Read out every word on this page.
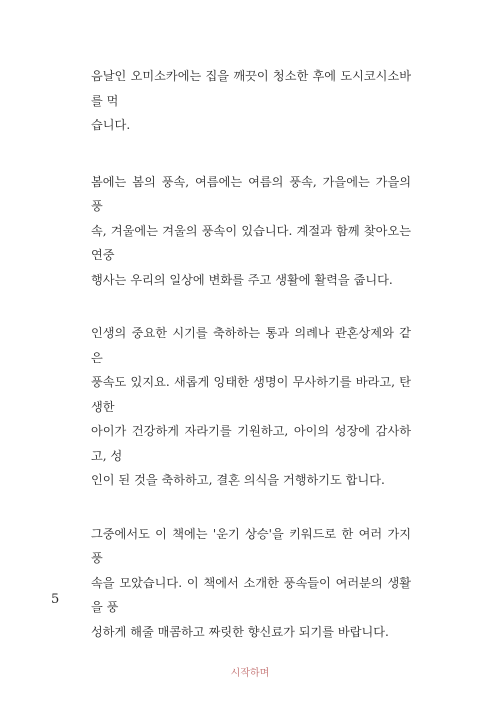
음날인 오미소카에는 집을 깨끗이 청소한 후에 도시코시소바를 먹
습니다.

봄에는 봄의 풍속, 여름에는 여름의 풍속, 가을에는 가을의 풍
속, 겨울에는 겨울의 풍속이 있습니다. 계절과 함께 찾아오는 연중
행사는 우리의 일상에 변화를 주고 생활에 활력을 줍니다.

인생의 중요한 시기를 축하하는 통과 의례나 관혼상제와 같은
풍속도 있지요. 새롭게 잉태한 생명이 무사하기를 바라고, 탄생한
아이가 건강하게 자라기를 기원하고, 아이의 성장에 감사하고, 성
인이 된 것을 축하하고, 결혼 의식을 거행하기도 합니다.

그중에서도 이 책에는 '운기 상승'을 키워드로 한 여러 가지 풍
속을 모았습니다. 이 책에서 소개한 풍속들이 여러분의 생활을 풍
성하게 해줄 매콤하고 짜릿한 향신료가 되기를 바랍니다.

5
시작하며
